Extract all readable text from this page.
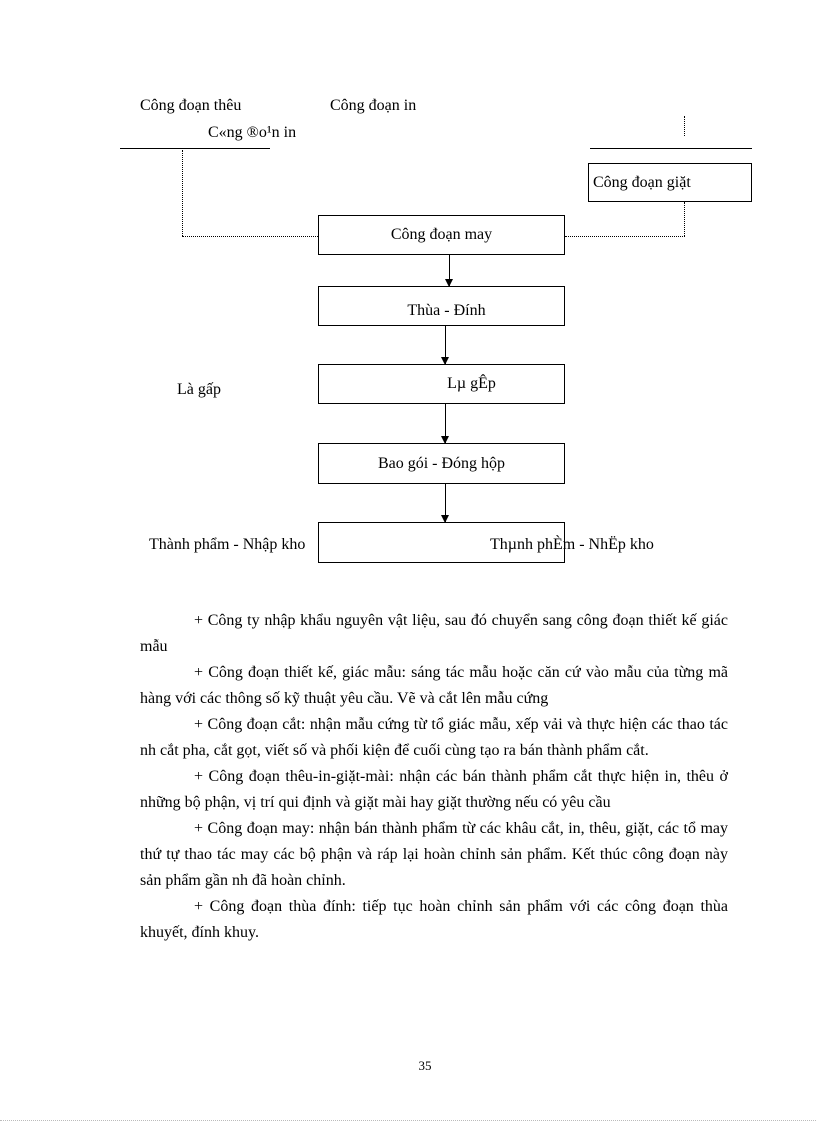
Công đoạn thêu	Công đoạn in
C«ng ®o¹n in
Công đoạn giặt
Công đoạn may
Thùa - Đính
Là gấp	Lµ gÊp
Bao gói - Đóng hộp
Thành phẩm - Nhập kho	Thµnh phÈm - NhËp kho

+ Công ty nhập khẩu nguyên vật liệu, sau đó chuyển sang công đoạn thiết kế giác mẫu

+ Công đoạn thiết kế, giác mẫu: sáng tác mẫu hoặc căn cứ vào mẫu của từng mã hàng với các thông số kỹ thuật yêu cầu. Vẽ và cắt lên mẫu cứng

+ Công đoạn cắt: nhận mẫu cứng từ tổ giác mẫu, xếp vải và thực hiện các thao tác nh cắt pha, cắt gọt, viết số và phối kiện để cuối cùng tạo ra bán thành phẩm cắt.

+ Công đoạn thêu-in-giặt-mài: nhận các bán thành phẩm cắt thực hiện in, thêu ở những bộ phận, vị trí qui định và giặt mài hay giặt thường nếu có yêu cầu

+ Công đoạn may: nhận bán thành phẩm từ các khâu cắt, in, thêu, giặt, các tổ may thứ tự thao tác may các bộ phận và ráp lại hoàn chỉnh sản phẩm. Kết thúc công đoạn này sản phẩm gần nh đã hoàn chỉnh.

+ Công đoạn thùa đính: tiếp tục hoàn chỉnh sản phẩm với các công đoạn thùa khuyết, đính khuy.

35
